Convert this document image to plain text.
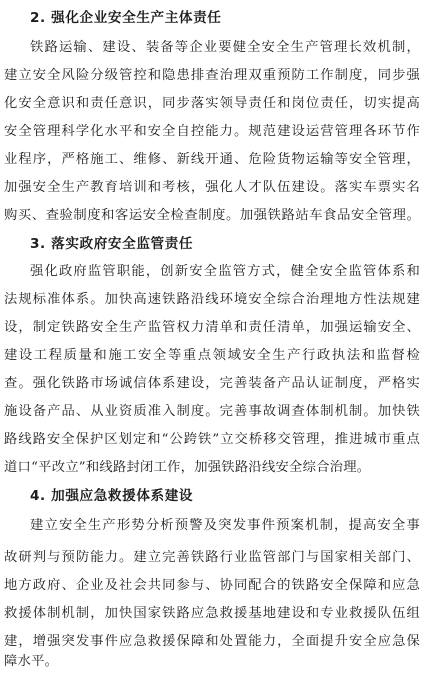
2. 强化企业安全生产主体责任
铁路运输、建设、装备等企业要健全安全生产管理长效机制，
建立安全风险分级管控和隐患排查治理双重预防工作制度，同步强
化安全意识和责任意识，同步落实领导责任和岗位责任，切实提高
安全管理科学化水平和安全自控能力。规范建设运营管理各环节作
业程序，严格施工、维修、新线开通、危险货物运输等安全管理，
加强安全生产教育培训和考核，强化人才队伍建设。落实车票实名
购买、查验制度和客运安全检查制度。加强铁路站车食品安全管理。
3. 落实政府安全监管责任
强化政府监管职能，创新安全监管方式，健全安全监管体系和
法规标准体系。加快高速铁路沿线环境安全综合治理地方性法规建
设，制定铁路安全生产监管权力清单和责任清单，加强运输安全、
建设工程质量和施工安全等重点领域安全生产行政执法和监督检
查。强化铁路市场诚信体系建设，完善装备产品认证制度，严格实
施设备产品、从业资质准入制度。完善事故调查体制机制。加快铁
路线路安全保护区划定和“公跨铁”立交桥移交管理，推进城市重点
道口“平改立”和线路封闭工作，加强铁路沿线安全综合治理。
4. 加强应急救援体系建设
建立安全生产形势分析预警及突发事件预案机制，提高安全事
故研判与预防能力。建立完善铁路行业监管部门与国家相关部门、
地方政府、企业及社会共同参与、协同配合的铁路安全保障和应急
救援体制机制，加快国家铁路应急救援基地建设和专业救援队伍组
建，增强突发事件应急救援保障和处置能力，全面提升安全应急保
障水平。
